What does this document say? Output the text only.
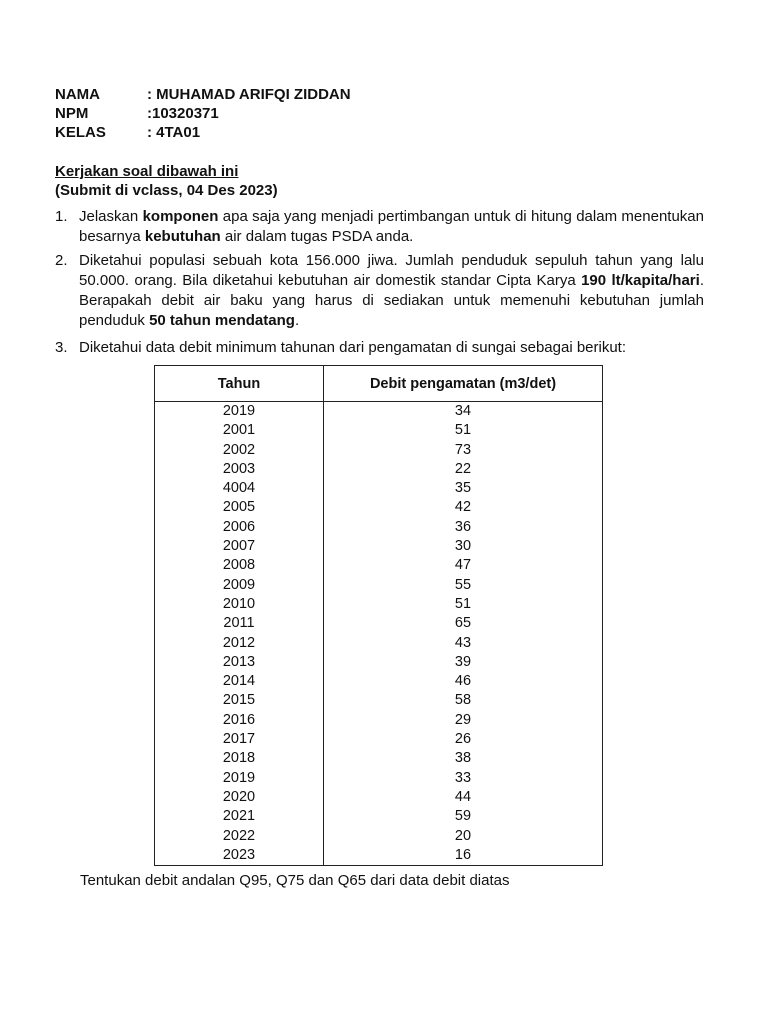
NAMA	: MUHAMAD ARIFQI ZIDDAN
NPM	:10320371
KELAS	: 4TA01
Kerjakan soal dibawah ini
(Submit di vclass, 04 Des 2023)
1. Jelaskan komponen apa saja yang menjadi pertimbangan untuk di hitung dalam menentukan besarnya kebutuhan air dalam tugas PSDA anda.
2. Diketahui populasi sebuah kota 156.000 jiwa. Jumlah penduduk sepuluh tahun yang lalu 50.000. orang. Bila diketahui kebutuhan air domestik standar Cipta Karya 190 lt/kapita/hari. Berapakah debit air baku yang harus di sediakan untuk memenuhi kebutuhan jumlah penduduk 50 tahun mendatang.
3. Diketahui data debit minimum tahunan dari pengamatan di sungai sebagai berikut:
Tahun	Debit pengamatan (m3/det)
2019	34
2001	51
2002	73
2003	22
4004	35
2005	42
2006	36
2007	30
2008	47
2009	55
2010	51
2011	65
2012	43
2013	39
2014	46
2015	58
2016	29
2017	26
2018	38
2019	33
2020	44
2021	59
2022	20
2023	16
Tentukan debit andalan Q95, Q75 dan Q65 dari data debit diatas
